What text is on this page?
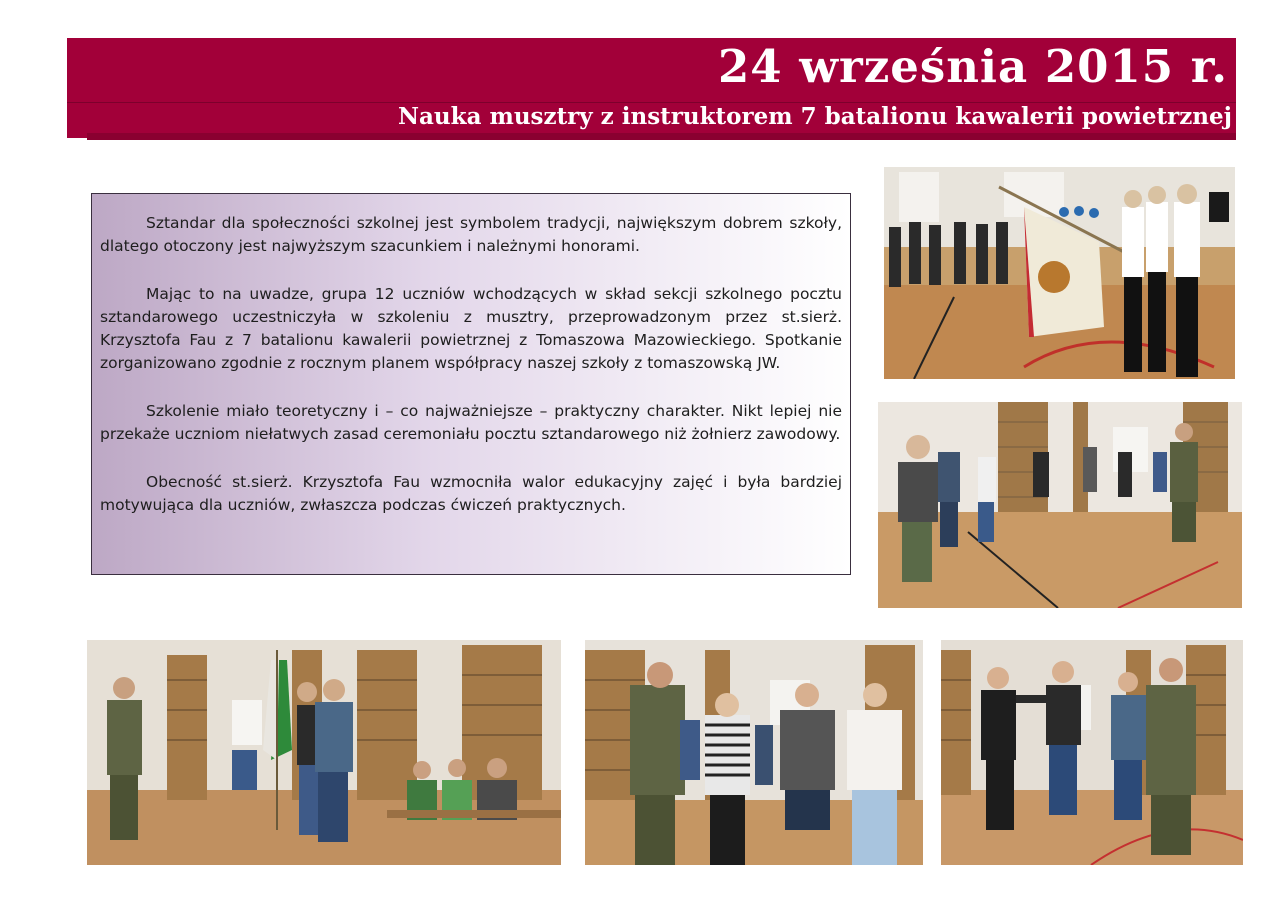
24 września 2015 r.
Nauka musztry z instruktorem 7 batalionu kawalerii powietrznej

Sztandar dla społeczności szkolnej jest symbolem tradycji, największym dobrem szkoły, dlatego otoczony jest najwyższym szacunkiem i należnymi honorami.

Mając to na uwadze, grupa 12 uczniów wchodzących w skład sekcji szkolnego pocztu sztandarowego uczestniczyła w szkoleniu z musztry, przeprowadzonym przez st.sierż. Krzysztofa Fau z 7 batalionu kawalerii powietrznej z Tomaszowa Mazowieckiego. Spotkanie zorganizowano zgodnie z rocznym planem współpracy naszej szkoły z tomaszowską JW.

Szkolenie miało teoretyczny i – co najważniejsze – praktyczny charakter. Nikt lepiej nie przekaże uczniom niełatwych zasad ceremoniału pocztu sztandarowego niż żołnierz zawodowy.

Obecność st.sierż. Krzysztofa Fau wzmocniła walor edukacyjny zajęć i była bardziej motywująca dla uczniów, zwłaszcza podczas ćwiczeń praktycznych.
